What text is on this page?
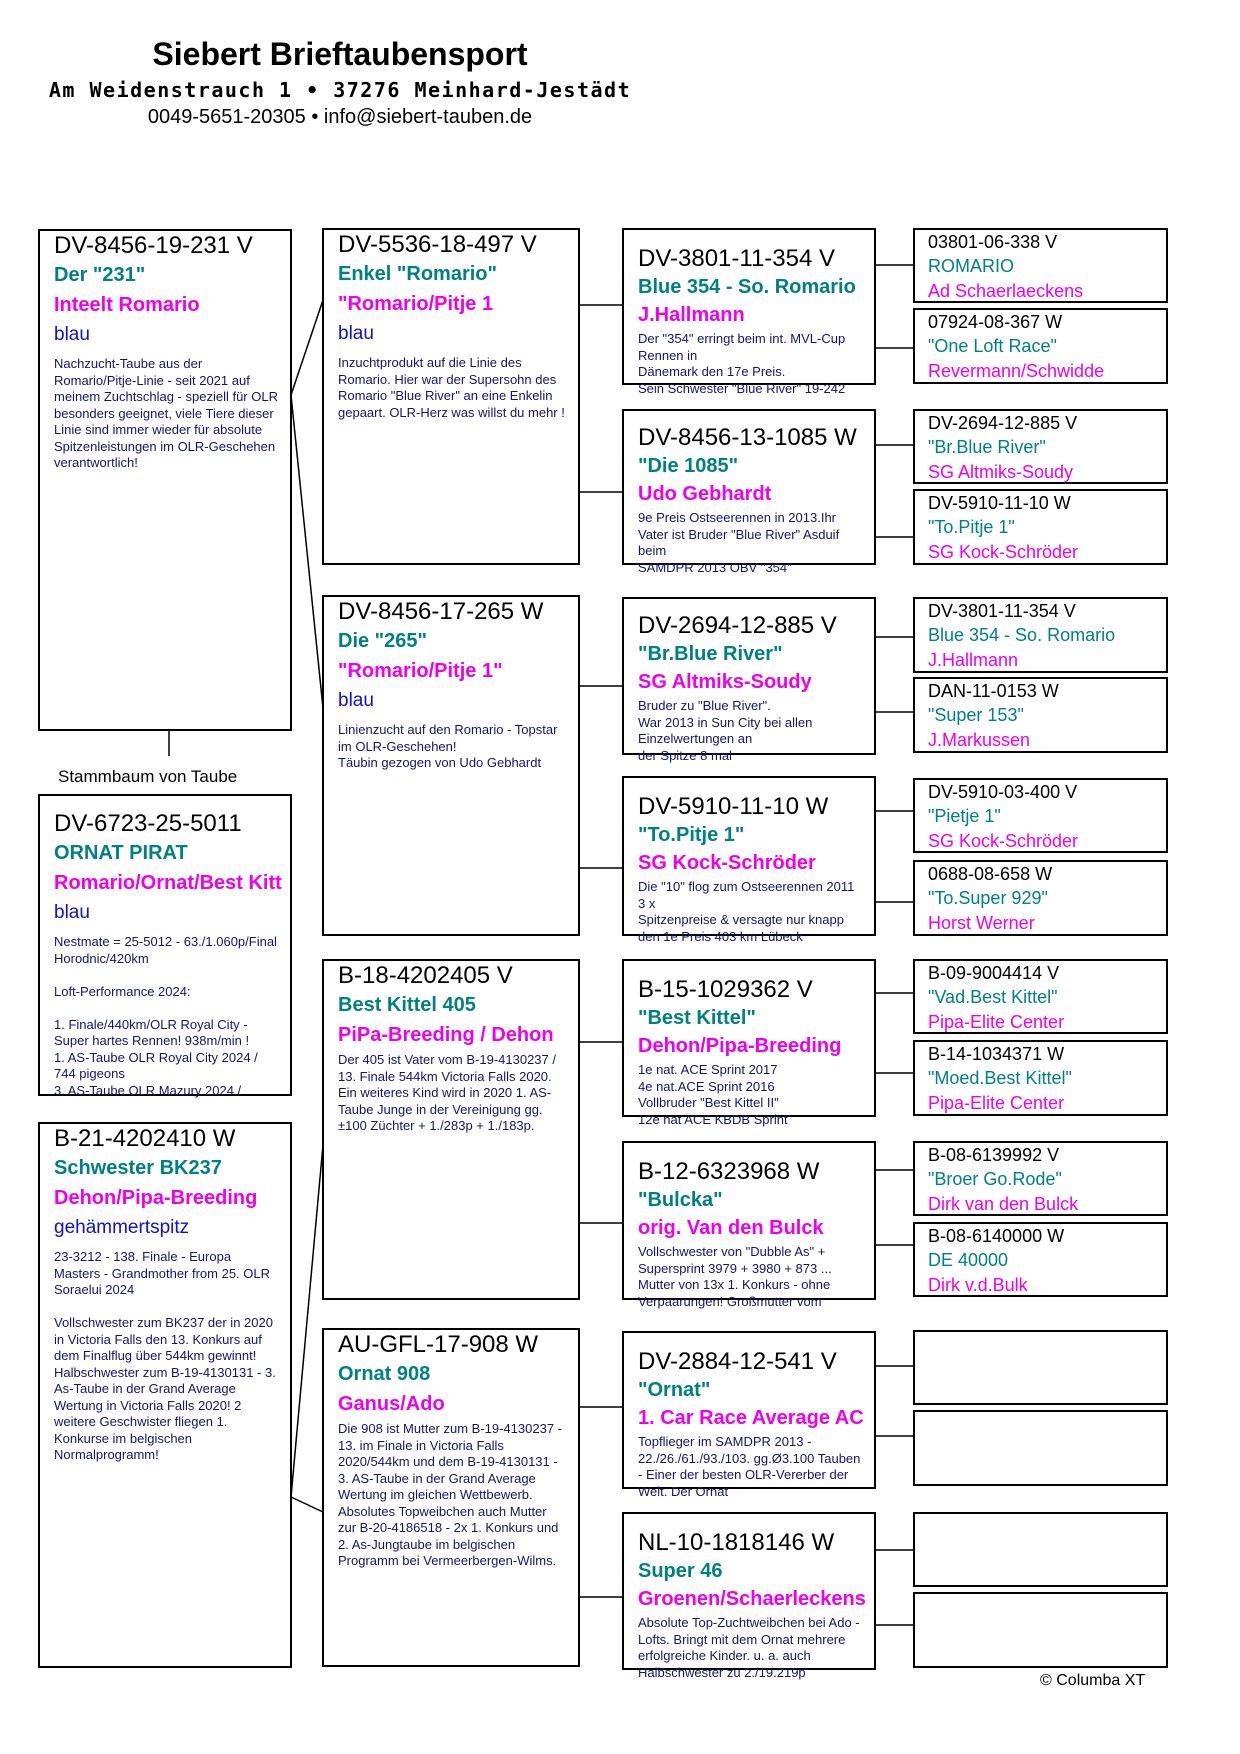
Siebert Brieftaubensport
Am Weidenstrauch 1 • 37276 Meinhard-Jestädt
0049-5651-20305 • info@siebert-tauben.de
DV-8456-19-231 V
Der "231"
Inteelt Romario
blau
Nachzucht-Taube aus der Romario/Pitje-Linie - seit 2021 auf meinem Zuchtschlag - speziell für OLR besonders geeignet, viele Tiere dieser Linie sind immer wieder für absolute Spitzenleistungen im OLR-Geschehen verantwortlich!
DV-6723-25-5011
ORNAT PIRAT
Romario/Ornat/Best Kitt
blau
Nestmate = 25-5012 - 63./1.060p/Final Horodnic/420km

Loft-Performance 2024:

1. Finale/440km/OLR Royal City - Super hartes Rennen! 938m/min !
1. AS-Taube OLR Royal City 2024 / 744 pigeons
3. AS-Taube OLR Mazury 2024 /
Stammbaum von Taube
B-21-4202410 W
Schwester BK237
Dehon/Pipa-Breeding
gehämmertspitz
23-3212 - 138. Finale - Europa Masters - Grandmother from 25. OLR Soraelui 2024

Vollschwester zum BK237 der in 2020 in Victoria Falls den 13. Konkurs auf dem Finalflug über 544km gewinnt! Halbschwester zum B-19-4130131 - 3. As-Taube in der Grand Average Wertung in Victoria Falls 2020! 2 weitere Geschwister fliegen 1. Konkurse im belgischen Normalprogramm!
DV-5536-18-497 V
Enkel "Romario"
"Romario/Pitje 1
blau
Inzuchtprodukt auf die Linie des Romario. Hier war der Supersohn des Romario "Blue River" an eine Enkelin gepaart. OLR-Herz was willst du mehr !
DV-8456-17-265 W
Die "265"
"Romario/Pitje 1"
blau
Linienzucht auf den Romario - Topstar im OLR-Geschehen!
Täubin gezogen von Udo Gebhardt
B-18-4202405 V
Best Kittel 405
PiPa-Breeding / Dehon
Der 405 ist Vater vom B-19-4130237 / 13. Finale 544km Victoria Falls 2020. Ein weiteres Kind wird in 2020 1. AS-Taube Junge in der Vereinigung gg. ±100 Züchter + 1./283p + 1./183p.
AU-GFL-17-908 W
Ornat 908
Ganus/Ado
Die 908 ist Mutter zum B-19-4130237 - 13. im Finale in Victoria Falls 2020/544km und dem B-19-4130131 - 3. AS-Taube in der Grand Average Wertung im gleichen Wettbewerb. Absolutes Topweibchen auch Mutter zur B-20-4186518 - 2x 1. Konkurs und 2. As-Jungtaube im belgischen Programm bei Vermeerbergen-Wilms.
DV-3801-11-354 V
Blue 354 - So. Romario
J.Hallmann
Der "354" erringt beim int. MVL-Cup Rennen in
Dänemark den 17e Preis.
Sein Schwester "Blue River" 19-242
DV-8456-13-1085 W
"Die 1085"
Udo Gebhardt
9e Preis Ostseerennen in 2013.Ihr Vater ist Bruder "Blue River" Asduif beim
SAMDPR 2013 OBV "354"
DV-2694-12-885 V
"Br.Blue River"
SG Altmiks-Soudy
Bruder zu "Blue River".
War 2013 in Sun City bei allen Einzelwertungen an
der Spitze 8 mal
DV-5910-11-10 W
"To.Pitje 1"
SG Kock-Schröder
Die "10" flog zum Ostseerennen 2011 3 x
Spitzenpreise & versagte nur knapp
den 1e Preis 403 km Lübeck
B-15-1029362 V
"Best Kittel"
Dehon/Pipa-Breeding
1e nat. ACE Sprint 2017
4e nat.ACE Sprint 2016
Vollbruder "Best Kittel II"
12e nat ACE KBDB Sprint
B-12-6323968 W
"Bulcka"
orig. Van den Bulck
Vollschwester von "Dubble As" + Supersprint 3979 + 3980 + 873 ...
Mutter von 13x 1. Konkurs - ohne
Verpaarungen! Großmutter vom
DV-2884-12-541 V
"Ornat"
1. Car Race Average AC
Topflieger im SAMDPR 2013 - 22./26./61./93./103. gg.Ø3.100 Tauben - Einer der besten OLR-Vererber der Welt. Der Ornat
NL-10-1818146 W
Super 46
Groenen/Schaerleckens
Absolute Top-Zuchtweibchen bei Ado -Lofts. Bringt mit dem Ornat mehrere erfolgreiche Kinder. u. a. auch
Halbschwester zu 2./19.219p
03801-06-338 V
ROMARIO
Ad Schaerlaeckens
07924-08-367 W
"One Loft Race"
Revermann/Schwidde
DV-2694-12-885 V
"Br.Blue River"
SG Altmiks-Soudy
DV-5910-11-10 W
"To.Pitje 1"
SG Kock-Schröder
DV-3801-11-354 V
Blue 354 - So. Romario
J.Hallmann
DAN-11-0153 W
"Super 153"
J.Markussen
DV-5910-03-400 V
"Pietje 1"
SG Kock-Schröder
0688-08-658 W
"To.Super 929"
Horst Werner
B-09-9004414 V
"Vad.Best Kittel"
Pipa-Elite Center
B-14-1034371 W
"Moed.Best Kittel"
Pipa-Elite Center
B-08-6139992 V
"Broer Go.Rode"
Dirk van den Bulck
B-08-6140000 W
DE 40000
Dirk v.d.Bulk
© Columba XT
